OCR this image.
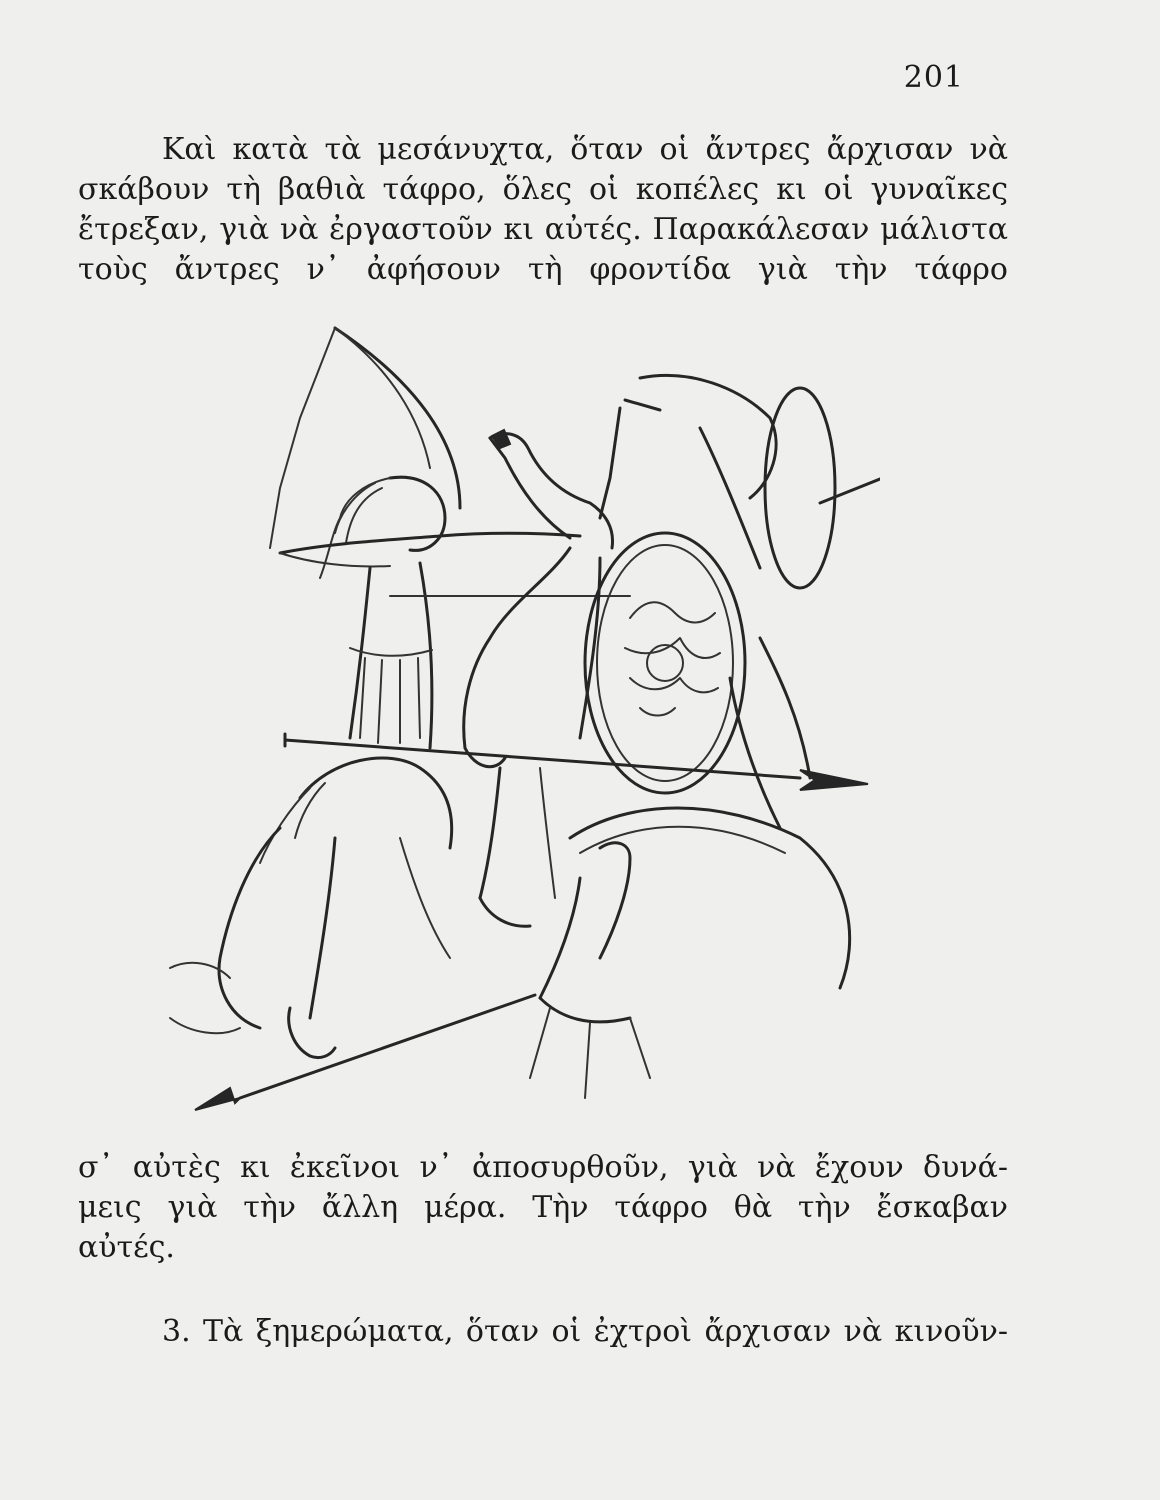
201

Καὶ κατὰ τὰ μεσάνυχτα, ὅταν οἱ ἄντρες ἄρχισαν νὰ
σκάβουν τὴ βαθιὰ τάφρο, ὅλες οἱ κοπέλες κι οἱ γυναῖκες
ἔτρεξαν, γιὰ νὰ ἐργαστοῦν κι αὐτές. Παρακάλεσαν μάλιστα
τοὺς ἄντρες ν᾽ ἀφήσουν τὴ φροντίδα γιὰ τὴν τάφρο

σ᾽ αὐτὲς κι ἐκεῖνοι ν᾽ ἀποσυρθοῦν, γιὰ νὰ ἔχουν δυνά-
μεις γιὰ τὴν ἄλλη μέρα. Τὴν τάφρο θὰ τὴν ἔσκαβαν
αὐτές.

3. Τὰ ξημερώματα, ὅταν οἱ ἐχτροὶ ἄρχισαν νὰ κινοῦν-
